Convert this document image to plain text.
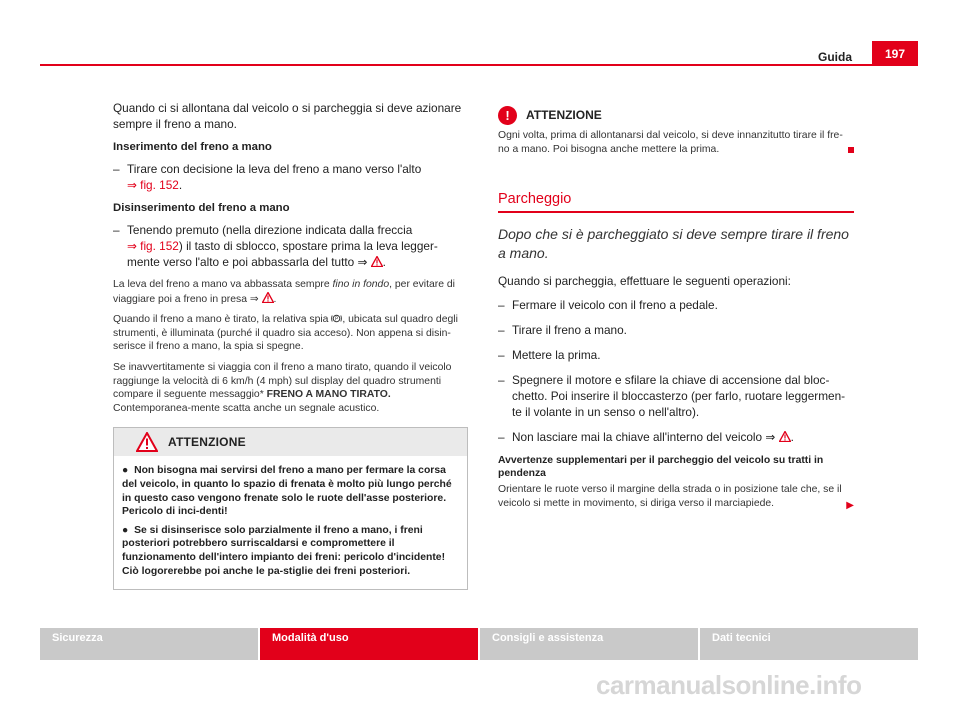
Guida	197

Quando ci si allontana dal veicolo o si parcheggia si deve azionare sempre il freno a mano.

Inserimento del freno a mano

– Tirare con decisione la leva del freno a mano verso l'alto
⇒ fig. 152.

Disinserimento del freno a mano

– Tenendo premuto (nella direzione indicata dalla freccia
⇒ fig. 152) il tasto di sblocco, spostare prima la leva legger-mente verso l'alto e poi abbassarla del tutto ⇒ .

La leva del freno a mano va abbassata sempre fino in fondo, per evitare di viaggiare poi a freno in presa ⇒ .

Quando il freno a mano è tirato, la relativa spia P , ubicata sul quadro degli strumenti, è illuminata (purché il quadro sia acceso). Non appena si disin-serisce il freno a mano, la spia si spegne.

Se inavvertitamente si viaggia con il freno a mano tirato, quando il veicolo raggiunge la velocità di 6 km/h (4 mph) sul display del quadro strumenti compare il seguente messaggio* FRENO A MANO TIRATO. Contemporanea-mente scatta anche un segnale acustico.

ATTENZIONE

●  Non bisogna mai servirsi del freno a mano per fermare la corsa del veicolo, in quanto lo spazio di frenata è molto più lungo perché in questo caso vengono frenate solo le ruote dell'asse posteriore. Pericolo di inci-denti!

●  Se si disinserisce solo parzialmente il freno a mano, i freni posteriori potrebbero surriscaldarsi e compromettere il funzionamento dell'intero impianto dei freni: pericolo d'incidente! Ciò logorerebbe poi anche le pa-stiglie dei freni posteriori.

!	ATTENZIONE

Ogni volta, prima di allontanarsi dal veicolo, si deve innanzitutto tirare il fre-no a mano. Poi bisogna anche mettere la prima.

Parcheggio

Dopo che si è parcheggiato si deve sempre tirare il freno a mano.

Quando si parcheggia, effettuare le seguenti operazioni:

– Fermare il veicolo con il freno a pedale.
– Tirare il freno a mano.
– Mettere la prima.
– Spegnere il motore e sfilare la chiave di accensione dal bloc-chetto. Poi inserire il bloccasterzo (per farlo, ruotare leggermen-te il volante in un senso o nell'altro).
– Non lasciare mai la chiave all'interno del veicolo ⇒ .

Avvertenze supplementari per il parcheggio del veicolo su tratti in pendenza

Orientare le ruote verso il margine della strada o in posizione tale che, se il veicolo si mette in movimento, si diriga verso il marciapiede.	▶

Sicurezza	Modalità d'uso	Consigli e assistenza	Dati tecnici
carmanualsonline.info
